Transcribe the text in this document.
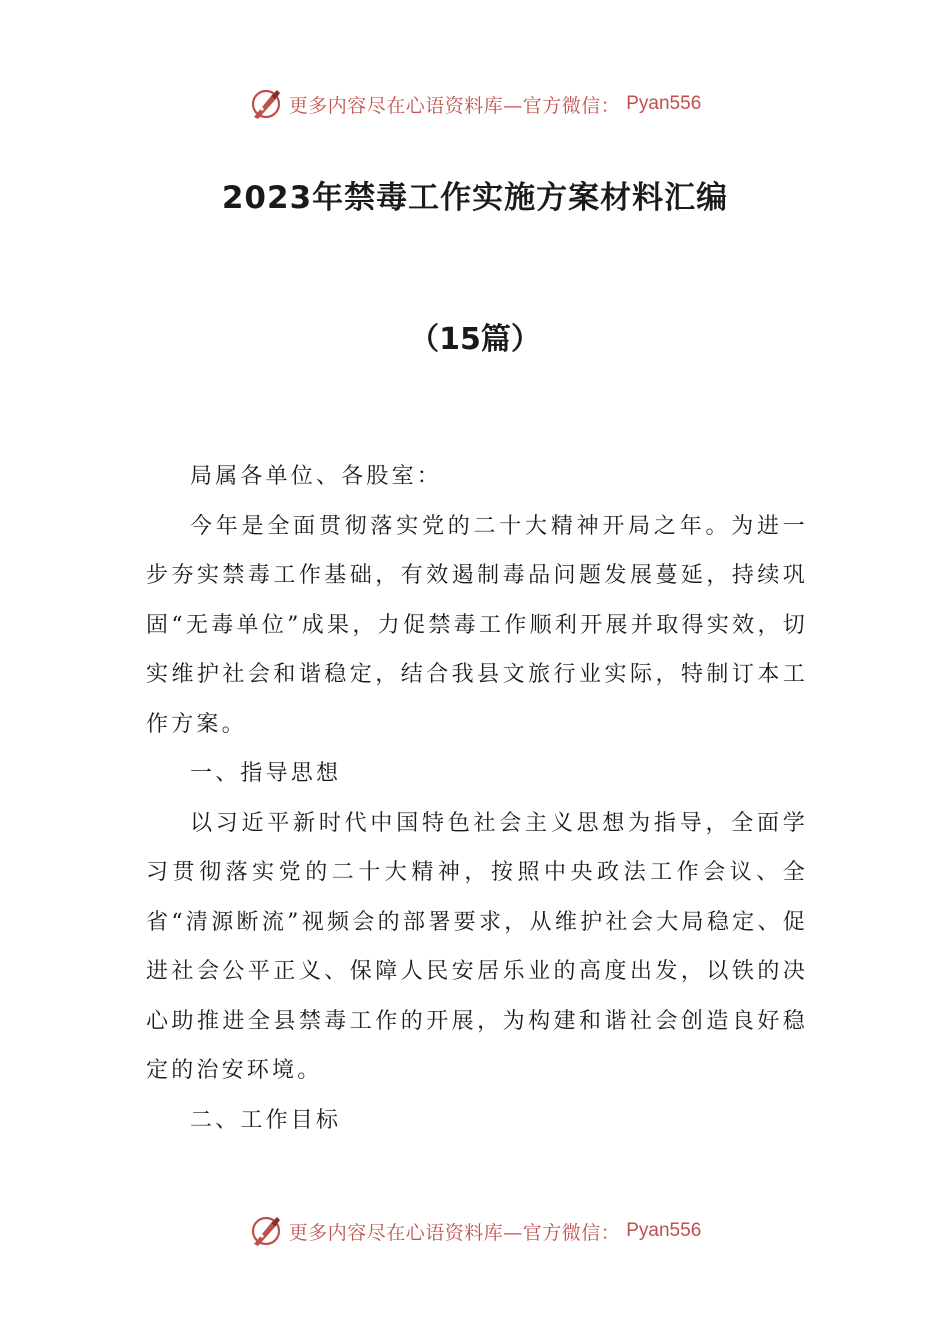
更多内容尽在心语资料库—官方微信： Pyan556
2023年禁毒工作实施方案材料汇编
（15篇）

局属各单位、各股室：

今年是全面贯彻落实党的二十大精神开局之年。为进一步夯实禁毒工作基础，有效遏制毒品问题发展蔓延，持续巩固“无毒单位”成果，力促禁毒工作顺利开展并取得实效，切实维护社会和谐稳定，结合我县文旅行业实际，特制订本工作方案。

一、指导思想

以习近平新时代中国特色社会主义思想为指导，全面学习贯彻落实党的二十大精神，按照中央政法工作会议、全省“清源断流”视频会的部署要求，从维护社会大局稳定、促进社会公平正义、保障人民安居乐业的高度出发，以铁的决心助推进全县禁毒工作的开展，为构建和谐社会创造良好稳定的治安环境。

二、工作目标

更多内容尽在心语资料库—官方微信： Pyan556
